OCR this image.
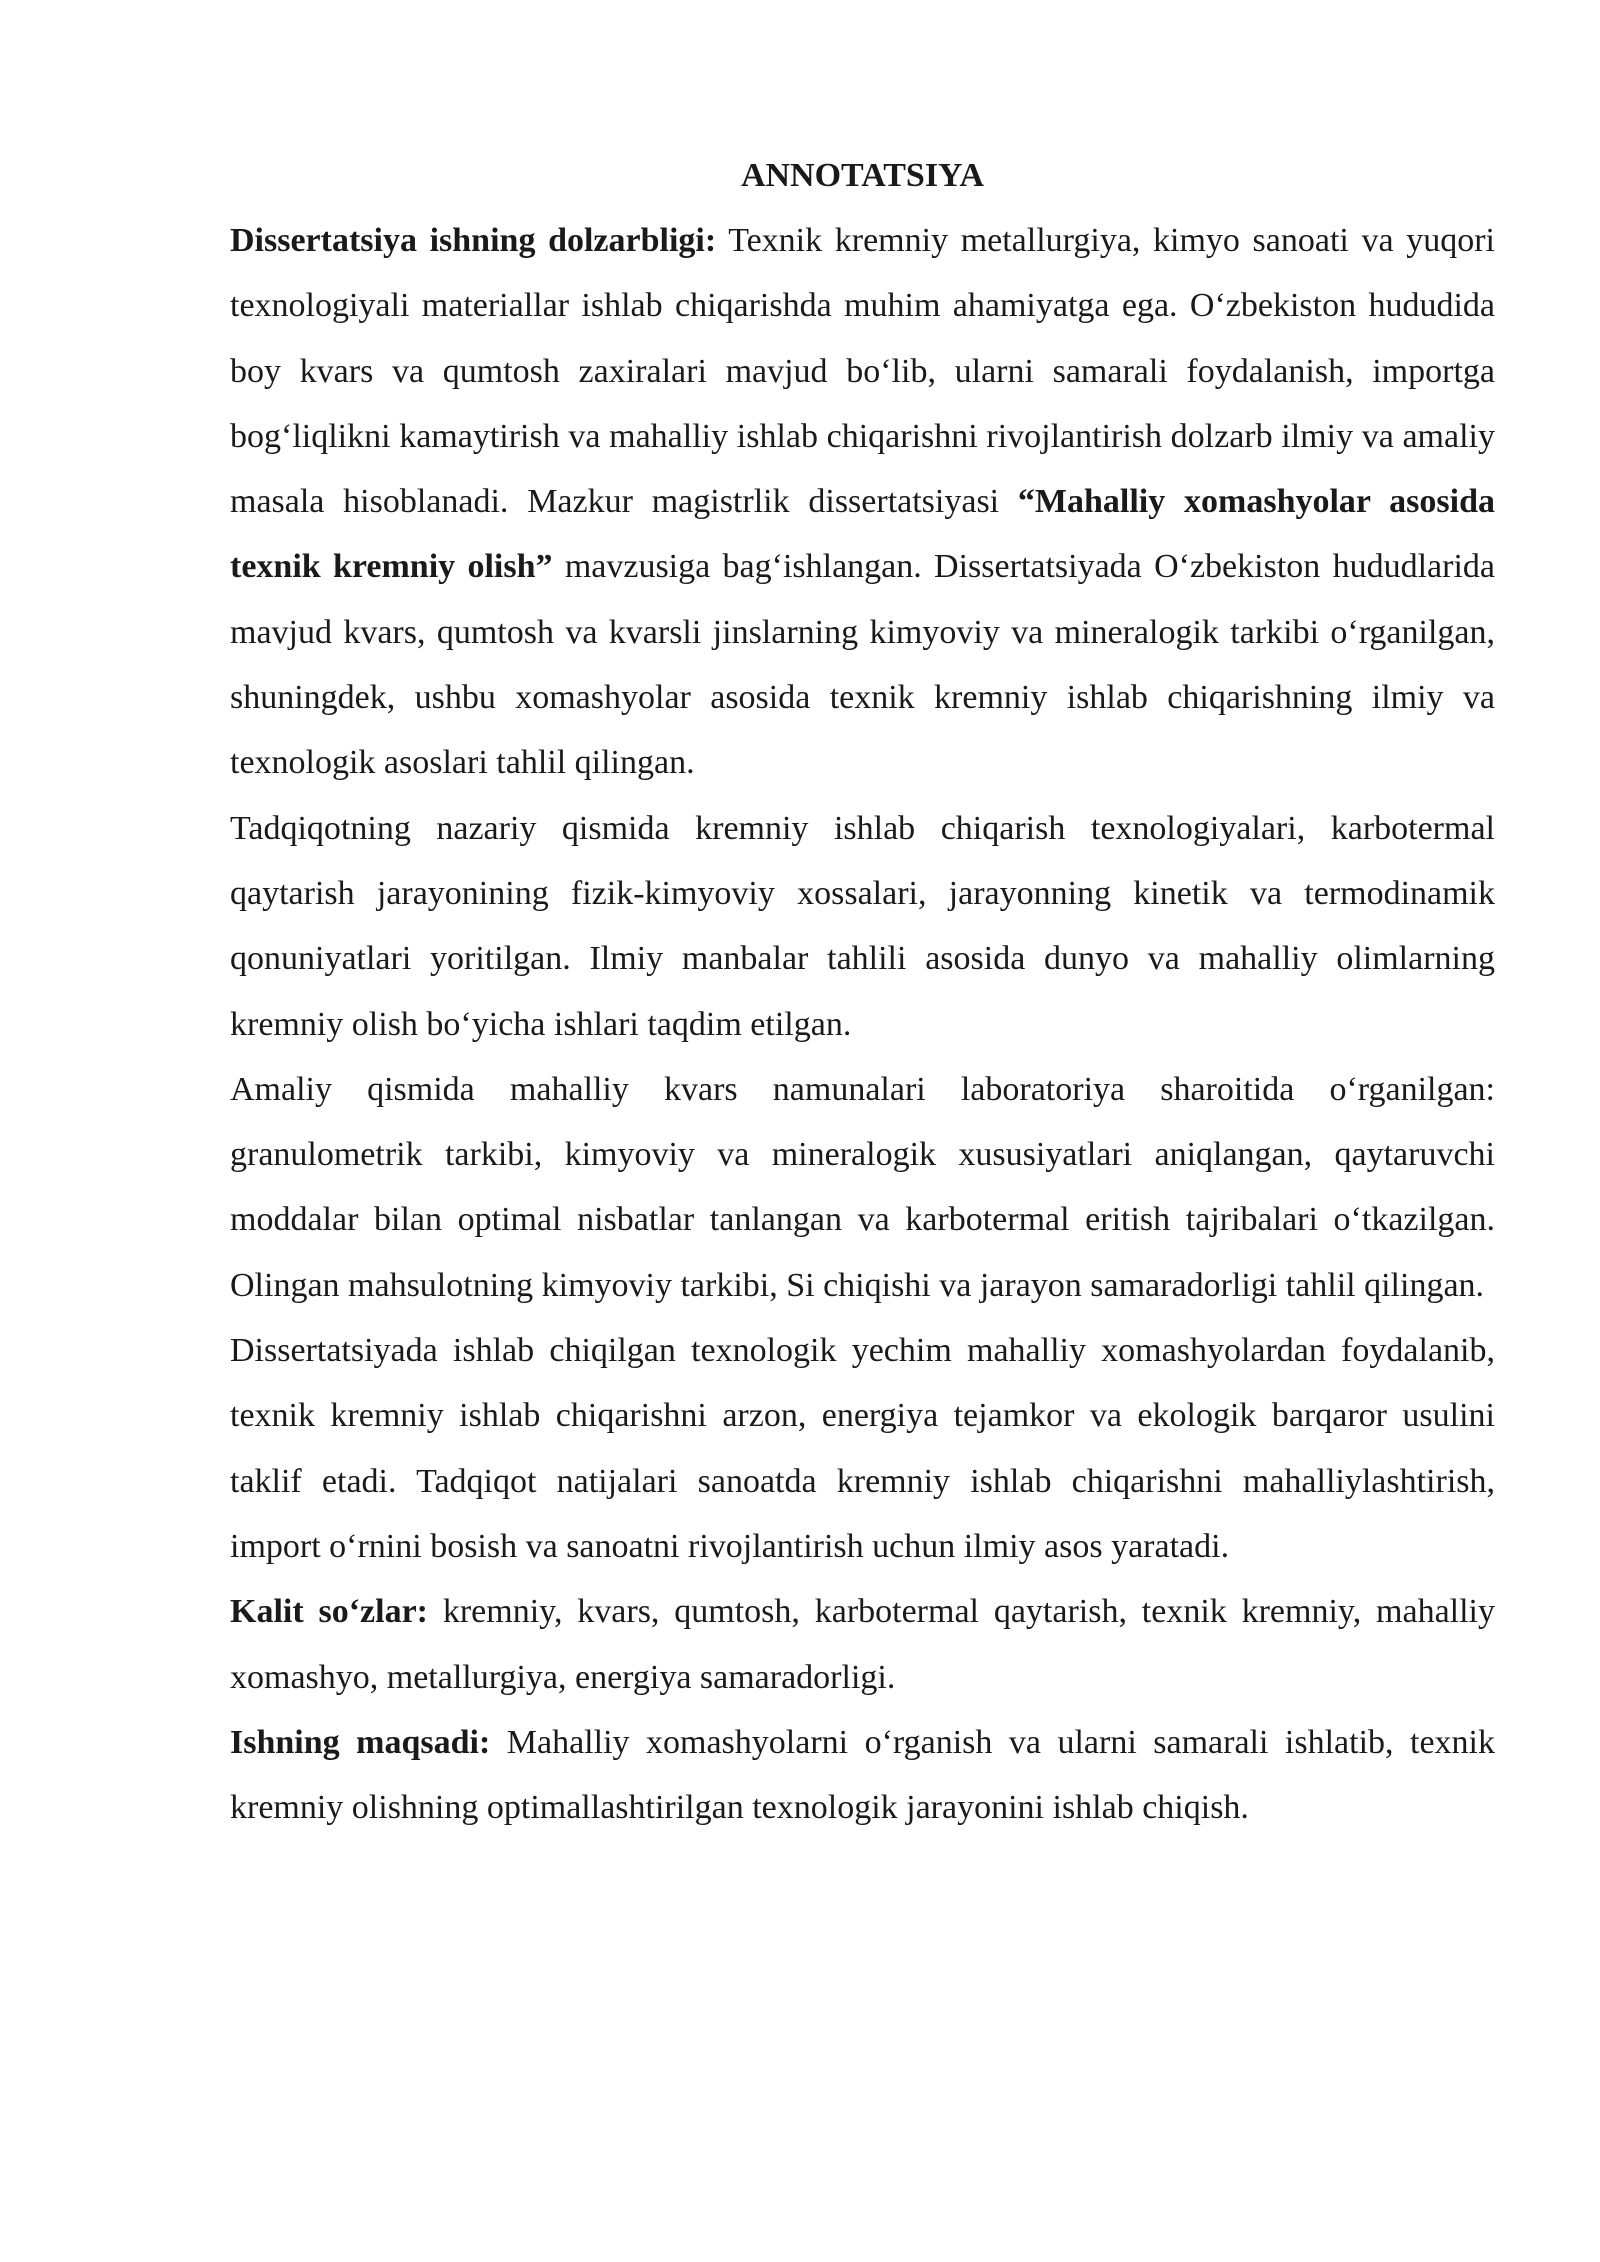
ANNOTATSIYA

Dissertatsiya ishning dolzarbligi: Texnik kremniy metallurgiya, kimyo sanoati va yuqori texnologiyali materiallar ishlab chiqarishda muhim ahamiyatga ega. O‘zbekiston hududida boy kvars va qumtosh zaxiralari mavjud bo‘lib, ularni samarali foydalanish, importga bog‘liqlikni kamaytirish va mahalliy ishlab chiqarishni rivojlantirish dolzarb ilmiy va amaliy masala hisoblanadi. Mazkur magistrlik dissertatsiyasi “Mahalliy xomashyolar asosida texnik kremniy olish” mavzusiga bag‘ishlangan. Dissertatsiyada O‘zbekiston hududlarida mavjud kvars, qumtosh va kvarsli jinslarning kimyoviy va mineralogik tarkibi o‘rganilgan, shuningdek, ushbu xomashyolar asosida texnik kremniy ishlab chiqarishning ilmiy va texnologik asoslari tahlil qilingan.

Tadqiqotning nazariy qismida kremniy ishlab chiqarish texnologiyalari, karbotermal qaytarish jarayonining fizik-kimyoviy xossalari, jarayonning kinetik va termodinamik qonuniyatlari yoritilgan. Ilmiy manbalar tahlili asosida dunyo va mahalliy olimlarning kremniy olish bo‘yicha ishlari taqdim etilgan.

Amaliy qismida mahalliy kvars namunalari laboratoriya sharoitida o‘rganilgan: granulometrik tarkibi, kimyoviy va mineralogik xususiyatlari aniqlangan, qaytaruvchi moddalar bilan optimal nisbatlar tanlangan va karbotermal eritish tajribalari o‘tkazilgan. Olingan mahsulotning kimyoviy tarkibi, Si chiqishi va jarayon samaradorligi tahlil qilingan.

Dissertatsiyada ishlab chiqilgan texnologik yechim mahalliy xomashyolardan foydalanib, texnik kremniy ishlab chiqarishni arzon, energiya tejamkor va ekologik barqaror usulini taklif etadi. Tadqiqot natijalari sanoatda kremniy ishlab chiqarishni mahalliylashtirish, import o‘rnini bosish va sanoatni rivojlantirish uchun ilmiy asos yaratadi.

Kalit so‘zlar: kremniy, kvars, qumtosh, karbotermal qaytarish, texnik kremniy, mahalliy xomashyo, metallurgiya, energiya samaradorligi.

Ishning maqsadi: Mahalliy xomashyolarni o‘rganish va ularni samarali ishlatib, texnik kremniy olishning optimallashtirilgan texnologik jarayonini ishlab chiqish.
